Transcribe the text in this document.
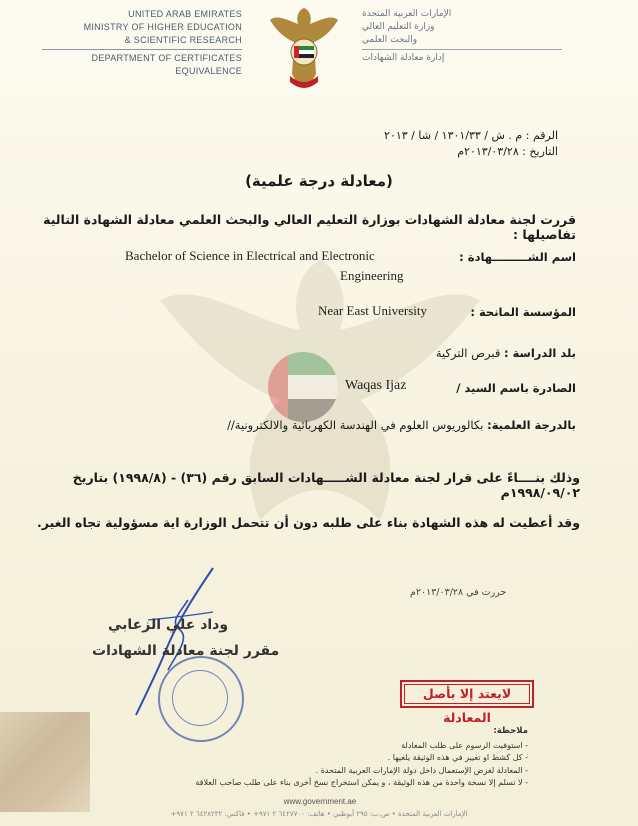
UNITED ARAB EMIRATES
MINISTRY OF HIGHER EDUCATION
& SCIENTIFIC RESEARCH
DEPARTMENT OF CERTIFICATES EQUIVALENCE
الإمارات العربية المتحدة
وزارة التعليم العالي
والبحث العلمي
إدارة معادلة الشهادات
الرقم : م . ش / ١٣٠١/٣٣ / شا / ٢٠١٣
التاريخ : ٢٠١٣/٠٣/٢٨م
(معادلة درجة علمية)
قررت لجنة معادلة الشهادات بوزارة التعليم العالي والبحث العلمي معادلة الشهادة التالية تفاصيلها :
اسم الشـــــــــهادة :
Bachelor of Science in Electrical and Electronic
Engineering
المؤسسة المانحة :
Near East University
بلد الدراسة : قبرص التركية
الصادرة باسم السيد /
Waqas Ijaz
بالدرجة العلمية: بكالوريوس العلوم في الهندسة الكهربائية والالكترونية//
وذلك بنــــاءً على قرار لجنة معادلة الشـــــهادات السابق رقم (٣٦) - (١٩٩٨/٨) بتاريخ ١٩٩٨/٠٩/٠٢م
وقد أعطيت له هذه الشهادة بناء على طلبه دون أن تتحمل الوزارة اية مسؤولية تجاه الغير.
حررت في ٢٠١٣/٠٣/٢٨م
وداد علي الزعابي
مقرر لجنة معادلة الشهادات
لايعتد إلا بأصل المعادلة
ملاحظة:
- استوفيت الرسوم على طلب المعادلة
- كل كشط او تغيير في هذه الوثيقة يلغيها .
- المعادلة لغرض الإستعمال داخل دولة الإمارات العربية المتحدة .
- لا تسلم إلا نسخة واحدة من هذه الوثيقة ، و يمكن استخراج نسخ أخرى بناء على طلب صاحب العلاقة
www.government.ae
الإمارات العربية المتحدة • ص.ب: ٢٩٥ أبوظبي • هاتف: ٦٤٢٧٧٠٠ ٢ ٩٧١+ • فاكس: ٦٤٢٨٢٣٢ ٢ ٩٧١+
